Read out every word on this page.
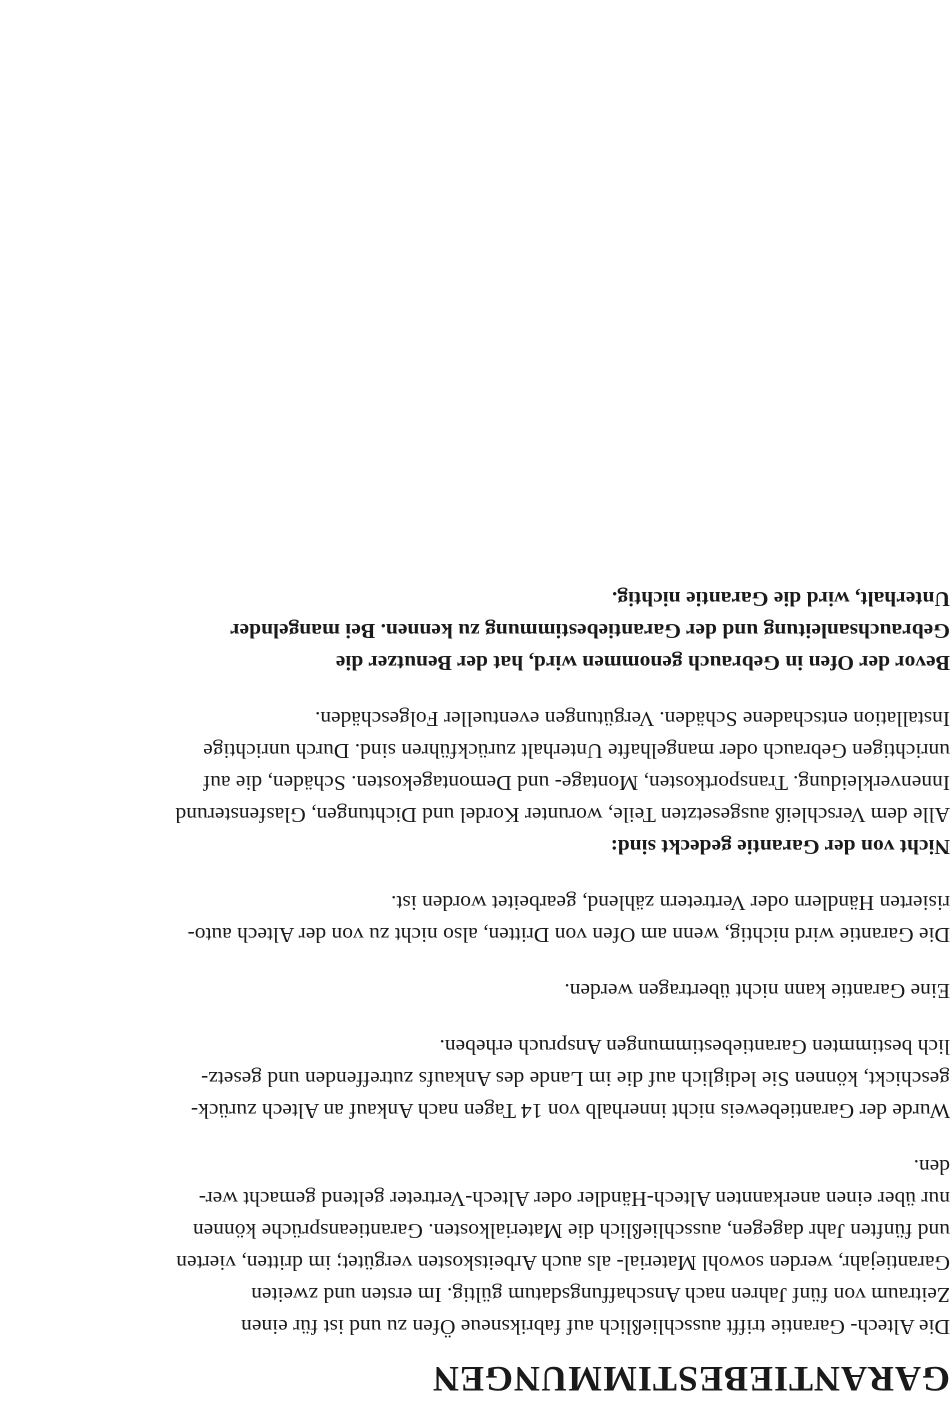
GARANTIEBESTIMMUNGEN

Die Altech- Garantie trifft ausschließlich auf fabriksneue Öfen zu und ist für einen
Zeitraum von fünf Jahren nach Anschaffungsdatum gültig. Im ersten und zweiten
Garantiejahr, werden sowohl Material- als auch Arbeitskosten vergütet; im dritten, vierten
und fünften Jahr dagegen, ausschließlich die Materialkosten. Garantieansprüche können
nur über einen anerkannten Altech-Händler oder Altech-Vertreter geltend gemacht wer-
den.

Wurde der Garantiebeweis nicht innerhalb von 14 Tagen nach Ankauf an Altech zurück-
geschickt, können Sie lediglich auf die im Lande des Ankaufs zutreffenden und gesetz-
lich bestimmten Garantiebestimmungen Anspruch erheben.

Eine Garantie kann nicht übertragen werden.

Die Garantie wird nichtig, wenn am Ofen von Dritten, also nicht zu von der Altech auto-
risierten Händlern oder Vertretern zählend, gearbeitet worden ist.

Nicht von der Garantie gedeckt sind:

Alle dem Verschleiß ausgesetzten Teile, worunter Kordel und Dichtungen, Glasfensterund
Innenverkleidung. Transportkosten, Montage- und Demontagekosten. Schäden, die auf
unrichtigen Gebrauch oder mangelhafte Unterhalt zurückführen sind. Durch unrichtige
Installation entschadene Schäden. Vergütungen eventueller Folgeschäden.

Bevor der Ofen in Gebrauch genommen wird, hat der Benutzer die
Gebrauchsanleitung und der Garantiebestimmung zu kennen. Bei mangelnder
Unterhalt, wird die Garantie nichtig.
